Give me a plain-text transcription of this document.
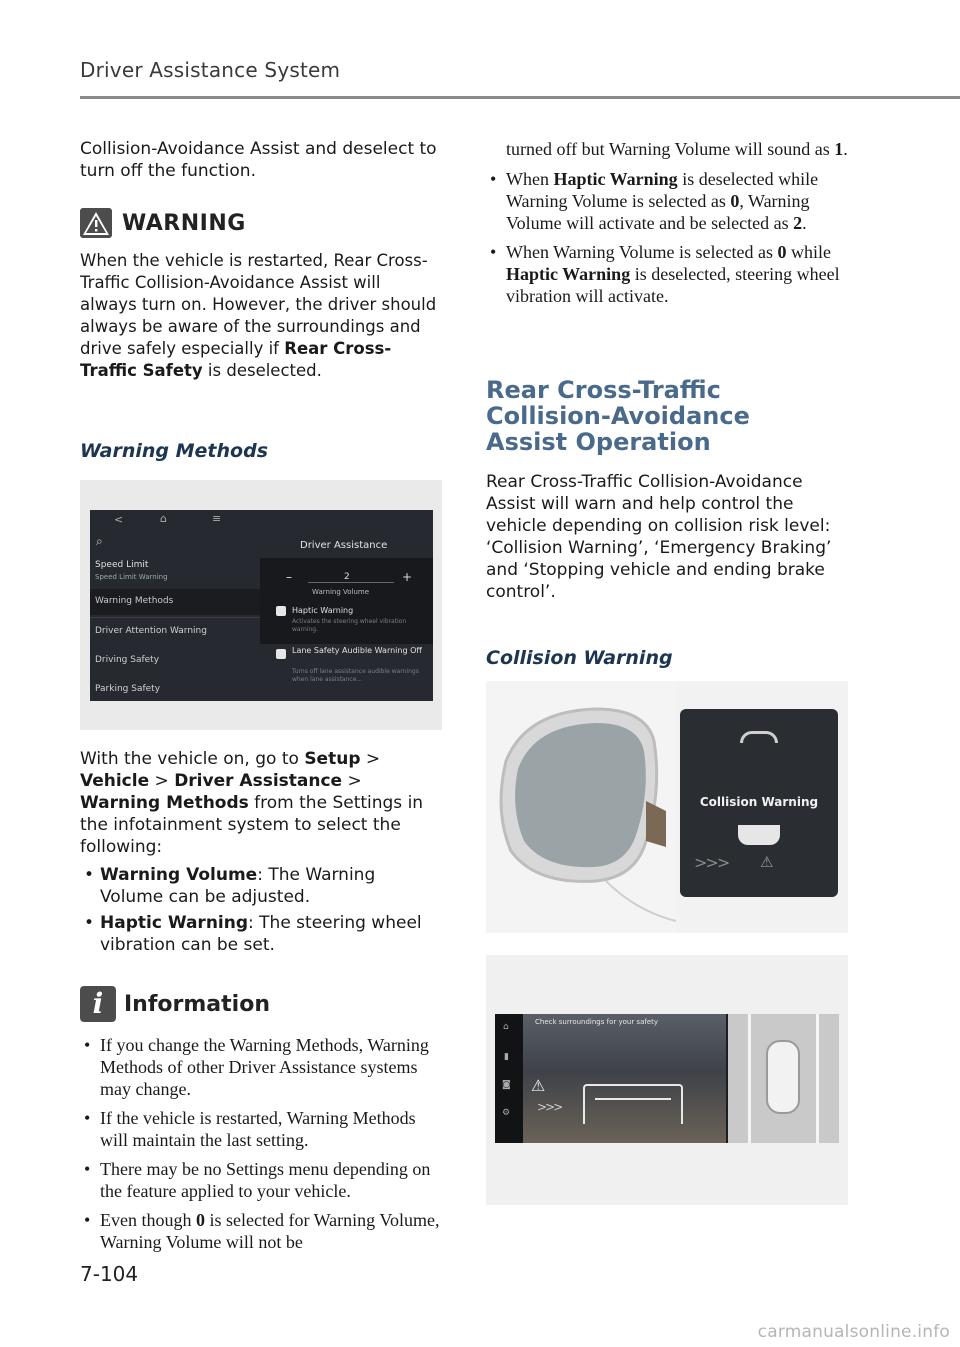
Driver Assistance System

Collision-Avoidance Assist and deselect to turn off the function.

WARNING

When the vehicle is restarted, Rear Cross-Traffic Collision-Avoidance Assist will always turn on. However, the driver should always be aware of the surroundings and drive safely especially if Rear Cross-Traffic Safety is deselected.

Warning Methods
<	⌂	≡
⌕	Driver Assistance
Speed Limit
Speed Limit Warning
Warning Methods
Driver Attention Warning
Driving Safety
Parking Safety
–	2	+
Warning Volume
Haptic Warning
Activates the steering wheel vibration warning.
Lane Safety Audible Warning Off
Turns off lane assistance audible warnings when lane assistance...

With the vehicle on, go to Setup > Vehicle > Driver Assistance > Warning Methods from the Settings in the infotainment system to select the following:

• Warning Volume: The Warning Volume can be adjusted.
• Haptic Warning: The steering wheel vibration can be set.
i Information
• If you change the Warning Methods, Warning Methods of other Driver Assistance systems may change.
• If the vehicle is restarted, Warning Methods will maintain the last setting.
• There may be no Settings menu depending on the feature applied to your vehicle.
• Even though 0 is selected for Warning Volume, Warning Volume will not be

turned off but Warning Volume will sound as 1.

• When Haptic Warning is deselected while Warning Volume is selected as 0, Warning Volume will activate and be selected as 2.
• When Warning Volume is selected as 0 while Haptic Warning is deselected, steering wheel vibration will activate.
Rear Cross-Traffic Collision-Avoidance Assist Operation

Rear Cross-Traffic Collision-Avoidance Assist will warn and help control the vehicle depending on collision risk level: ‘Collision Warning’, ‘Emergency Braking’ and ‘Stopping vehicle and ending brake control’.

Collision Warning
Collision Warning
>>> ⚠
⌂
▮
◙
⚙
Check surroundings for your safety
⚠
>>>
7-104
carmanualsonline.info
